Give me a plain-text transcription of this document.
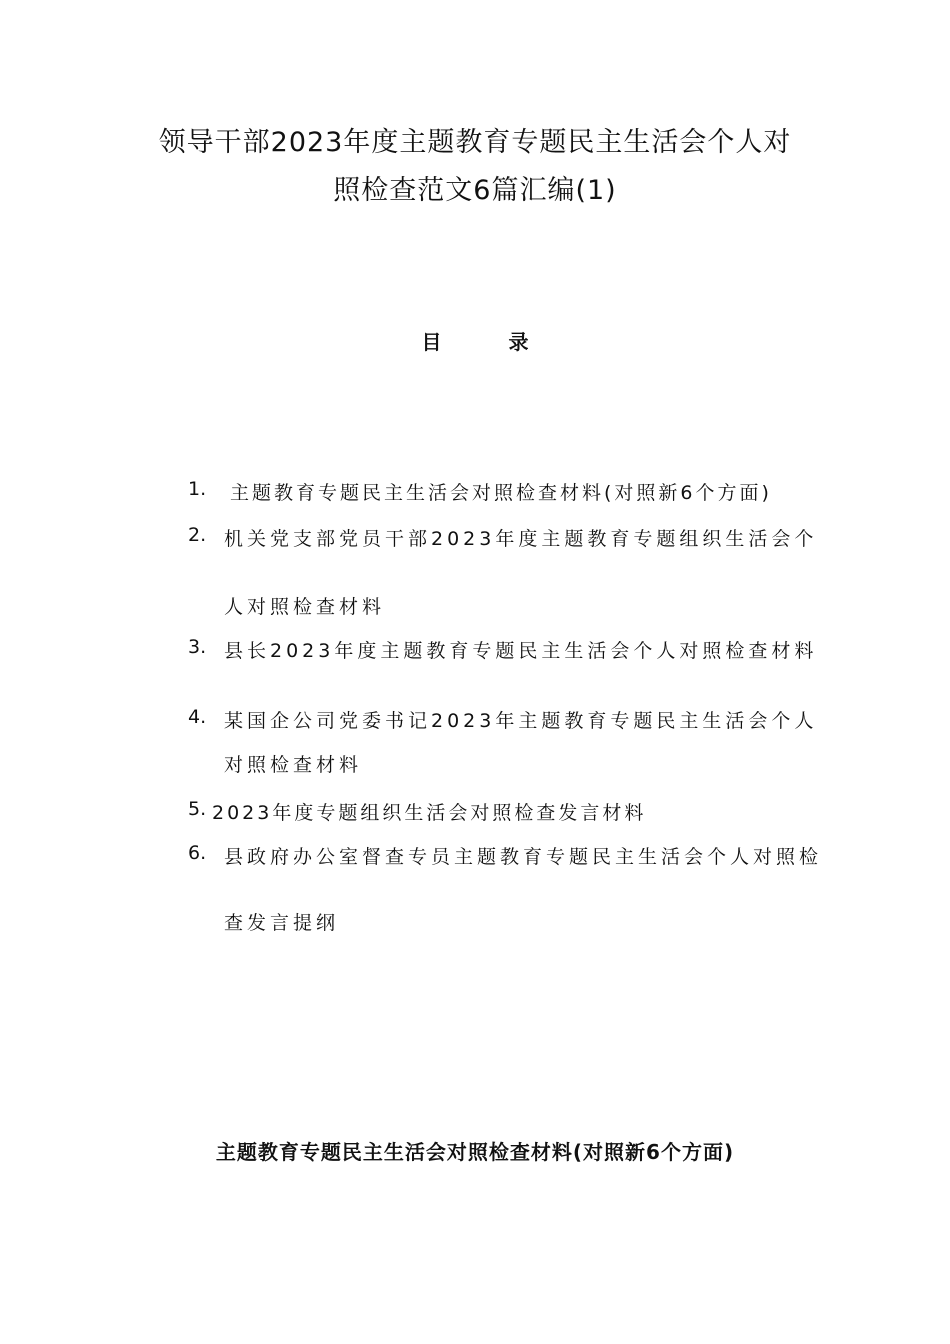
领导干部2023年度主题教育专题民主生活会个人对
照检查范文6篇汇编(1)
目 录
1. 主题教育专题民主生活会对照检查材料(对照新6个方面)
2. 机关党支部党员干部2023年度主题教育专题组织生活会个
人对照检查材料
3. 县长2023年度主题教育专题民主生活会个人对照检查材料
4. 某国企公司党委书记2023年主题教育专题民主生活会个人
对照检查材料
5. 2023年度专题组织生活会对照检查发言材料
6. 县政府办公室督查专员主题教育专题民主生活会个人对照检
查发言提纲
主题教育专题民主生活会对照检查材料(对照新6个方面)
